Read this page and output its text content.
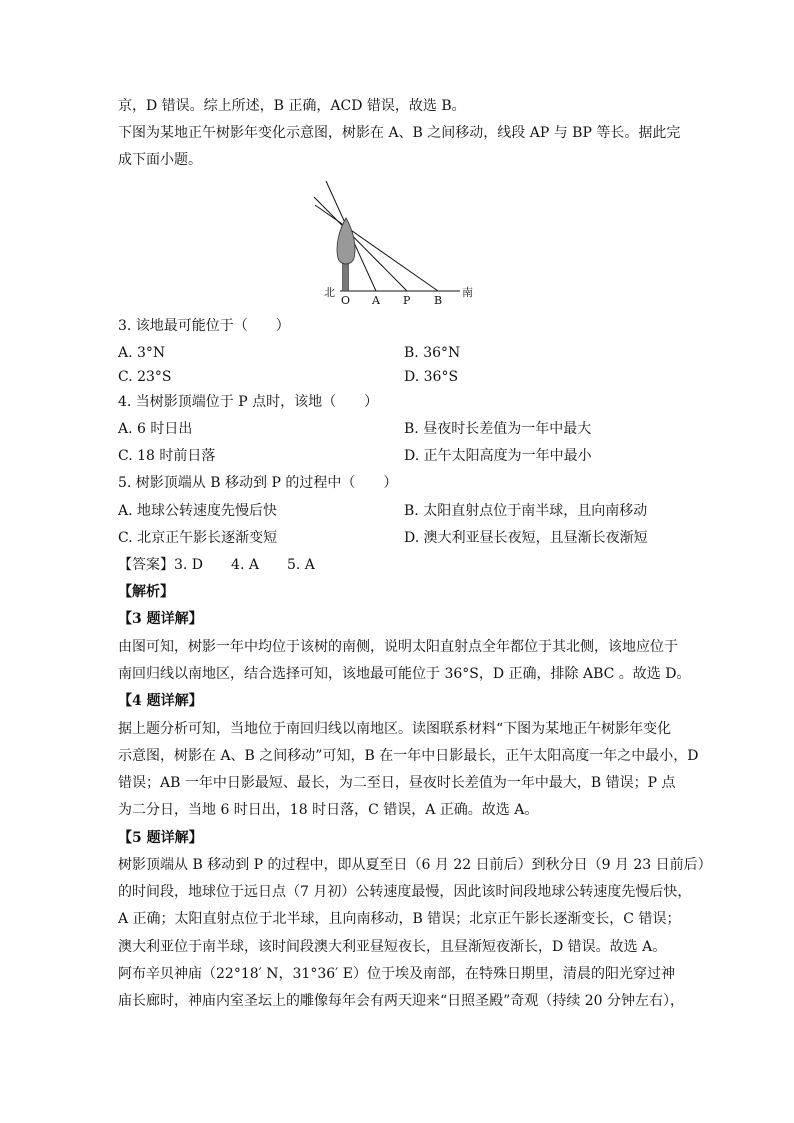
京，D 错误。综上所述，B 正确，ACD 错误，故选 B。
下图为某地正午树影年变化示意图，树影在 A、B 之间移动，线段 AP 与 BP 等长。据此完
成下面小题。
北
O A P B
南
3. 该地最可能位于（　　）
A. 3°N	B. 36°N
C. 23°S	D. 36°S
4. 当树影顶端位于 P 点时，该地（　　）
A. 6 时日出	B. 昼夜时长差值为一年中最大
C. 18 时前日落	D. 正午太阳高度为一年中最小
5. 树影顶端从 B 移动到 P 的过程中（　　）
A. 地球公转速度先慢后快	B. 太阳直射点位于南半球，且向南移动
C. 北京正午影长逐渐变短	D. 澳大利亚昼长夜短，且昼渐长夜渐短
【答案】3. D　　4. A　　5. A
【解析】
【3 题详解】
由图可知，树影一年中均位于该树的南侧，说明太阳直射点全年都位于其北侧，该地应位于
南回归线以南地区，结合选择可知，该地最可能位于 36°S，D 正确，排除 ABC 。故选 D。
【4 题详解】
据上题分析可知，当地位于南回归线以南地区。读图联系材料“下图为某地正午树影年变化
示意图，树影在 A、B 之间移动”可知，B 在一年中日影最长，正午太阳高度一年之中最小，D
错误；AB 一年中日影最短、最长，为二至日，昼夜时长差值为一年中最大，B 错误；P 点
为二分日，当地 6 时日出，18 时日落，C 错误，A 正确。故选 A。
【5 题详解】
树影顶端从 B 移动到 P 的过程中，即从夏至日（6 月 22 日前后）到秋分日（9 月 23 日前后）
的时间段，地球位于远日点（7 月初）公转速度最慢，因此该时间段地球公转速度先慢后快，
A 正确；太阳直射点位于北半球，且向南移动，B 错误；北京正午影长逐渐变长，C 错误；
澳大利亚位于南半球，该时间段澳大利亚昼短夜长，且昼渐短夜渐长，D 错误。故选 A。
阿布辛贝神庙（22°18′ N，31°36′ E）位于埃及南部，在特殊日期里，清晨的阳光穿过神
庙长廊时，神庙内室圣坛上的雕像每年会有两天迎来“日照圣殿”奇观（持续 20 分钟左右），
